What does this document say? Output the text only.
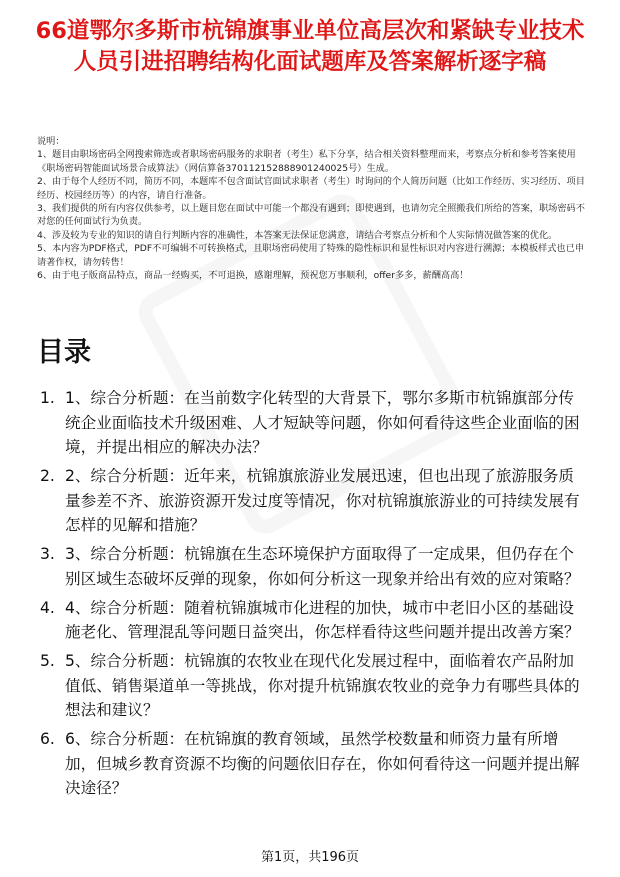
66道鄂尔多斯市杭锦旗事业单位高层次和紧缺专业技术人员引进招聘结构化面试题库及答案解析逐字稿

说明：

1、题目由职场密码全网搜索筛选或者职场密码服务的求职者（考生）私下分享，结合相关资料整理而来，考察点分析和参考答案使用《职场密码智能面试场景合成算法》（网信算备370112152888901240025号）生成。

2、由于每个人经历不同，简历不同，本题库不包含面试官面试求职者（考生）时询问的个人简历问题（比如工作经历、实习经历、项目经历、校园经历等）的内容，请自行准备。

3、我们提供的所有内容仅供参考，以上题目您在面试中可能一个都没有遇到；即使遇到，也请勿完全照搬我们所给的答案，职场密码不对您的任何面试行为负责。

4、涉及较为专业的知识的请自行判断内容的准确性，本答案无法保证您满意，请结合考察点分析和个人实际情况做答案的优化。

5、本内容为PDF格式，PDF不可编辑不可转换格式，且职场密码使用了特殊的隐性标识和显性标识对内容进行溯源；本模板样式也已申请著作权，请勿转售！

6、由于电子版商品特点，商品一经购买，不可退换，感谢理解，预祝您万事顺利，offer多多，薪酬高高！

目录
1. 1、综合分析题：在当前数字化转型的大背景下，鄂尔多斯市杭锦旗部分传统企业面临技术升级困难、人才短缺等问题，你如何看待这些企业面临的困境，并提出相应的解决办法？
2. 2、综合分析题：近年来，杭锦旗旅游业发展迅速，但也出现了旅游服务质量参差不齐、旅游资源开发过度等情况，你对杭锦旗旅游业的可持续发展有怎样的见解和措施？
3. 3、综合分析题：杭锦旗在生态环境保护方面取得了一定成果，但仍存在个别区域生态破坏反弹的现象，你如何分析这一现象并给出有效的应对策略？
4. 4、综合分析题：随着杭锦旗城市化进程的加快，城市中老旧小区的基础设施老化、管理混乱等问题日益突出，你怎样看待这些问题并提出改善方案？
5. 5、综合分析题：杭锦旗的农牧业在现代化发展过程中，面临着农产品附加值低、销售渠道单一等挑战，你对提升杭锦旗农牧业的竞争力有哪些具体的想法和建议？
6. 6、综合分析题：在杭锦旗的教育领域，虽然学校数量和师资力量有所增加，但城乡教育资源不均衡的问题依旧存在，你如何看待这一问题并提出解决途径？
第1页，共196页
